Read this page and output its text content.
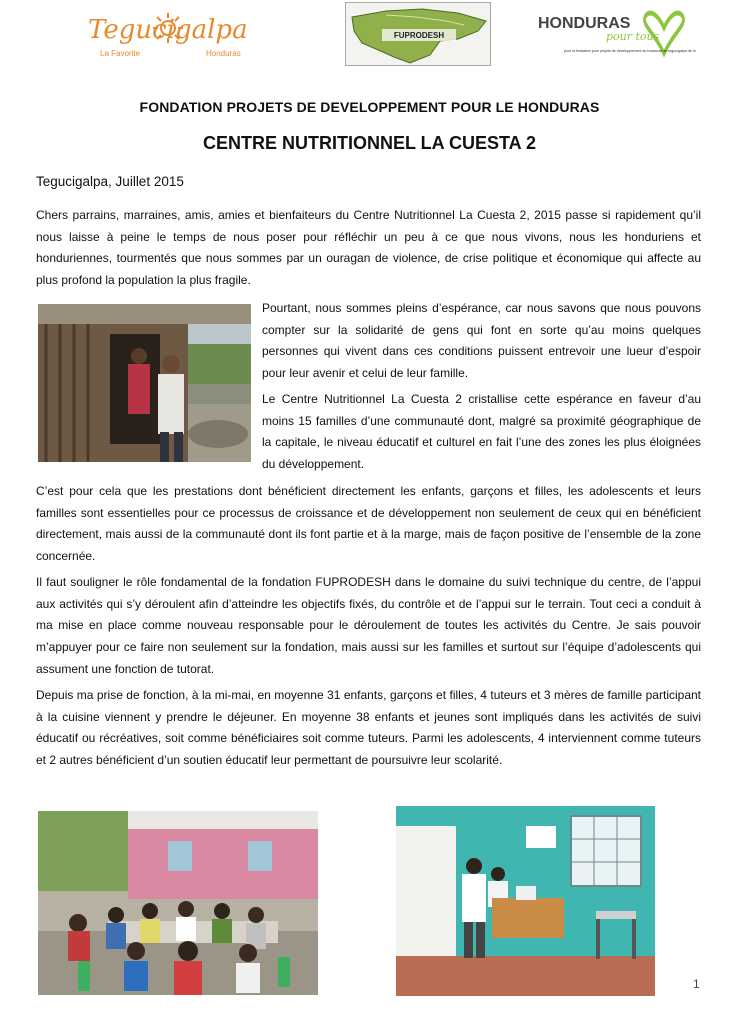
Tegucigalpa
La Favorite	Honduras
FUPRODESH
HONDURAS
pour tous
pour la fondation pour projets de developpement du honduras de tegucigalpa de honduras
FONDATION PROJETS DE DEVELOPPEMENT POUR LE HONDURAS
CENTRE NUTRITIONNEL LA CUESTA 2
Tegucigalpa, Juillet 2015

Chers parrains, marraines, amis, amies et bienfaiteurs du Centre Nutritionnel La Cuesta 2, 2015 passe si rapidement qu’il nous laisse à peine le temps de nous poser pour réfléchir un peu à ce que nous vivons, nous les honduriens et honduriennes, tourmentés que nous sommes par un ouragan de violence, de crise politique et économique qui affecte au plus profond la population la plus fragile.

Pourtant, nous sommes pleins d’espérance, car nous savons que nous pouvons compter sur la solidarité de gens qui font en sorte qu’au moins quelques personnes qui vivent dans ces conditions puissent entrevoir une lueur d’espoir pour leur avenir et celui de leur famille.

Le Centre Nutritionnel La Cuesta 2 cristallise cette espérance en faveur d’au moins 15 familles d’une communauté dont, malgré sa proximité géographique de la capitale, le niveau éducatif et culturel en fait l’une des zones les plus éloignées du développement.

C’est pour cela que les prestations dont bénéficient directement les enfants, garçons et filles, les adolescents et leurs familles sont essentielles pour ce processus de croissance et de développement non seulement de ceux qui en bénéficient directement, mais aussi de la communauté dont ils font partie et à la marge, mais de façon positive de l’ensemble de la zone concernée.

Il faut souligner le rôle fondamental de la fondation FUPRODESH dans le domaine du suivi technique du centre, de l’appui aux activités qui s’y déroulent afin d’atteindre les objectifs fixés, du contrôle et de l’appui sur le terrain. Tout ceci a conduit à ma mise en place comme nouveau responsable pour le déroulement de toutes les activités du Centre. Je sais pouvoir m’appuyer pour ce faire non seulement sur la fondation, mais aussi sur les familles et surtout sur l’équipe d’adolescents qui assument une fonction de tutorat.

Depuis ma prise de fonction, à la mi-mai, en moyenne 31 enfants, garçons et filles, 4 tuteurs et 3 mères de famille participant à la cuisine viennent y prendre le déjeuner. En moyenne 38 enfants et jeunes sont impliqués dans les activités de suivi éducatif ou récréatives, soit comme bénéficiaires soit comme tuteurs. Parmi les adolescents, 4 interviennent comme tuteurs et 2 autres bénéficient d’un soutien éducatif leur permettant de poursuivre leur scolarité.

1
